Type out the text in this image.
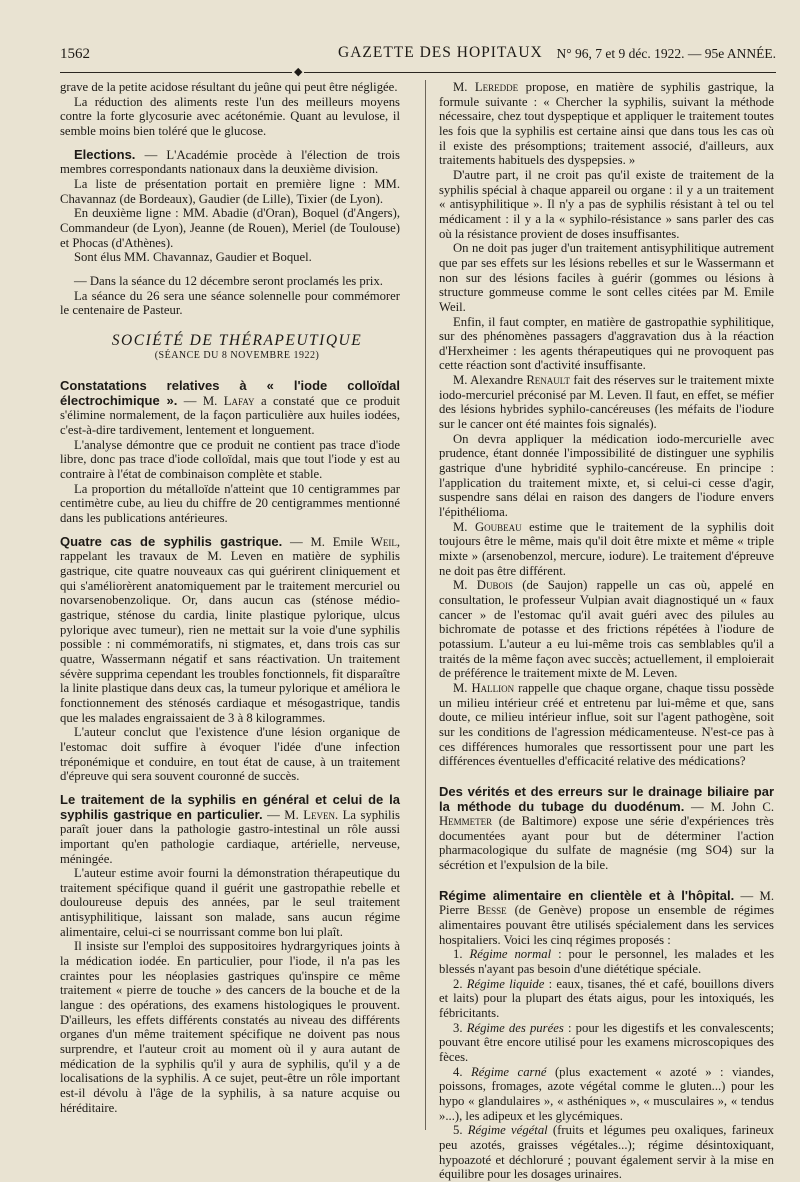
1562	GAZETTE DES HOPITAUX N° 96, 7 et 9 déc. 1922. — 95e ANNÉE.
◆

grave de la petite acidose résultant du jeûne qui peut être négligée.

La réduction des aliments reste l'un des meilleurs moyens contre la forte glycosurie avec acétonémie. Quant au levulose, il semble moins bien toléré que le glucose.

Elections. — L'Académie procède à l'élection de trois membres correspondants nationaux dans la deuxième division.

La liste de présentation portait en première ligne : MM. Chavannaz (de Bordeaux), Gaudier (de Lille), Tixier (de Lyon).

En deuxième ligne : MM. Abadie (d'Oran), Boquel (d'Angers), Commandeur (de Lyon), Jeanne (de Rouen), Meriel (de Toulouse) et Phocas (d'Athènes).

Sont élus MM. Chavannaz, Gaudier et Boquel.

— Dans la séance du 12 décembre seront proclamés les prix.

La séance du 26 sera une séance solennelle pour commémorer le centenaire de Pasteur.

SOCIÉTÉ DE THÉRAPEUTIQUE

(SÉANCE DU 8 NOVEMBRE 1922)

Constatations relatives à « l'iode colloïdal électrochimique ». — M. Lafay a constaté que ce produit s'élimine normalement, de la façon particulière aux huiles iodées, c'est-à-dire tardivement, lentement et longuement.

L'analyse démontre que ce produit ne contient pas trace d'iode libre, donc pas trace d'iode colloïdal, mais que tout l'iode y est au contraire à l'état de combinaison complète et stable.

La proportion du métalloïde n'atteint que 10 centigrammes par centimètre cube, au lieu du chiffre de 20 centigrammes mentionné dans les publications antérieures.

Quatre cas de syphilis gastrique. — M. Emile Weil, rappelant les travaux de M. Leven en matière de syphilis gastrique, cite quatre nouveaux cas qui guérirent cliniquement et qui s'améliorèrent anatomiquement par le traitement mercuriel ou novarsenobenzolique. Or, dans aucun cas (sténose médio-gastrique, sténose du cardia, linite plastique pylorique, ulcus pylorique avec tumeur), rien ne mettait sur la voie d'une syphilis possible : ni commémoratifs, ni stigmates, et, dans trois cas sur quatre, Wassermann négatif et sans réactivation. Un traitement sévère supprima cependant les troubles fonctionnels, fit disparaître la linite plastique dans deux cas, la tumeur pylorique et améliora le fonctionnement des sténosés cardiaque et mésogastrique, tandis que les malades engraissaient de 3 à 8 kilogrammes.

L'auteur conclut que l'existence d'une lésion organique de l'estomac doit suffire à évoquer l'idée d'une infection tréponémique et conduire, en tout état de cause, à un traitement d'épreuve qui sera souvent couronné de succès.

Le traitement de la syphilis en général et celui de la syphilis gastrique en particulier. — M. Leven. La syphilis paraît jouer dans la pathologie gastro-intestinal un rôle aussi important qu'en pathologie cardiaque, artérielle, nerveuse, méningée.

L'auteur estime avoir fourni la démonstration thérapeutique du traitement spécifique quand il guérit une gastropathie rebelle et douloureuse depuis des années, par le seul traitement antisyphilitique, laissant son malade, sans aucun régime alimentaire, celui-ci se nourrissant comme bon lui plaît.

Il insiste sur l'emploi des suppositoires hydrargyriques joints à la médication iodée. En particulier, pour l'iode, il n'a pas les craintes pour les néoplasies gastriques qu'inspire ce même traitement « pierre de touche » des cancers de la bouche et de la langue : des opérations, des examens histologiques le prouvent. D'ailleurs, les effets différents constatés au niveau des différents organes d'un même traitement spécifique ne doivent pas nous surprendre, et l'auteur croit au moment où il y aura autant de médication de la syphilis qu'il y aura de syphilis, qu'il y a de localisations de la syphilis. A ce sujet, peut-être un rôle important est-il dévolu à l'âge de la syphilis, à sa nature acquise ou héréditaire.

M. Lereddе propose, en matière de syphilis gastrique, la formule suivante : « Chercher la syphilis, suivant la méthode nécessaire, chez tout dyspeptique et appliquer le traitement toutes les fois que la syphilis est certaine ainsi que dans tous les cas où il existe des présomptions; traitement associé, d'ailleurs, aux traitements habituels des dyspepsies. »

D'autre part, il ne croit pas qu'il existe de traitement de la syphilis spécial à chaque appareil ou organe : il y a un traitement « antisyphilitique ». Il n'y a pas de syphilis résistant à tel ou tel médicament : il y a la « syphilo-résistance » sans parler des cas où la résistance provient de doses insuffisantes.

On ne doit pas juger d'un traitement antisyphilitique autrement que par ses effets sur les lésions rebelles et sur le Wassermann et non sur des lésions faciles à guérir (gommes ou lésions à structure gommeuse comme le sont celles citées par M. Emile Weil.

Enfin, il faut compter, en matière de gastropathie syphilitique, sur des phénomènes passagers d'aggravation dus à la réaction d'Herxheimer : les agents thérapeutiques qui ne provoquent pas cette réaction sont d'activité insuffisante.

M. Alexandre Renault fait des réserves sur le traitement mixte iodo-mercuriel préconisé par M. Leven. Il faut, en effet, se méfier des lésions hybrides syphilo-cancéreuses (les méfaits de l'iodure sur le cancer ont été maintes fois signalés).

On devra appliquer la médication iodo-mercurielle avec prudence, étant donnée l'impossibilité de distinguer une syphilis gastrique d'une hybridité syphilo-cancéreuse. En principe : l'application du traitement mixte, et, si celui-ci cesse d'agir, suspendre sans délai en raison des dangers de l'iodure envers l'épithélioma.

M. Goubeau estime que le traitement de la syphilis doit toujours être le même, mais qu'il doit être mixte et même « triple mixte » (arsenobenzol, mercure, iodure). Le traitement d'épreuve ne doit pas être différent.

M. Dubois (de Saujon) rappelle un cas où, appelé en consultation, le professeur Vulpian avait diagnostiqué un « faux cancer » de l'estomac qu'il avait guéri avec des pilules au bichromate de potasse et des frictions répétées à l'iodure de potassium. L'auteur a eu lui-même trois cas semblables qu'il a traités de la même façon avec succès; actuellement, il emploierait de préférence le traitement mixte de M. Leven.

M. Hallion rappelle que chaque organe, chaque tissu possède un milieu intérieur créé et entretenu par lui-même et que, sans doute, ce milieu intérieur influe, soit sur l'agent pathogène, soit sur les conditions de l'agression médicamenteuse. N'est-ce pas à ces différences humorales que ressortissent pour une part les différences éventuelles d'efficacité relative des médications?

Des vérités et des erreurs sur le drainage biliaire par la méthode du tubage du duodénum. — M. John C. Hemmeter (de Baltimore) expose une série d'expériences très documentées ayant pour but de déterminer l'action pharmacologique du sulfate de magnésie (mg SO4) sur la sécrétion et l'expulsion de la bile.

Régime alimentaire en clientèle et à l'hôpital. — M. Pierre Besse (de Genève) propose un ensemble de régimes alimentaires pouvant être utilisés spécialement dans les services hospitaliers. Voici les cinq régimes proposés :

1. Régime normal : pour le personnel, les malades et les blessés n'ayant pas besoin d'une diététique spéciale.

2. Régime liquide : eaux, tisanes, thé et café, bouillons divers et laits) pour la plupart des états aigus, pour les intoxiqués, les fébricitants.

3. Régime des purées : pour les digestifs et les convalescents; pouvant être encore utilisé pour les examens microscopiques des fèces.

4. Régime carné (plus exactement « azoté » : viandes, poissons, fromages, azote végétal comme le gluten...) pour les hypo « glandulaires », « asthéniques », « musculaires », « tendus »...), les adipeux et les glycémiques.

5. Régime végétal (fruits et légumes peu oxaliques, farineux peu azotés, graisses végétales...); régime désintoxiquant, hypoazoté et déchloruré ; pouvant également servir à la mise en équilibre pour les dosages urinaires.
